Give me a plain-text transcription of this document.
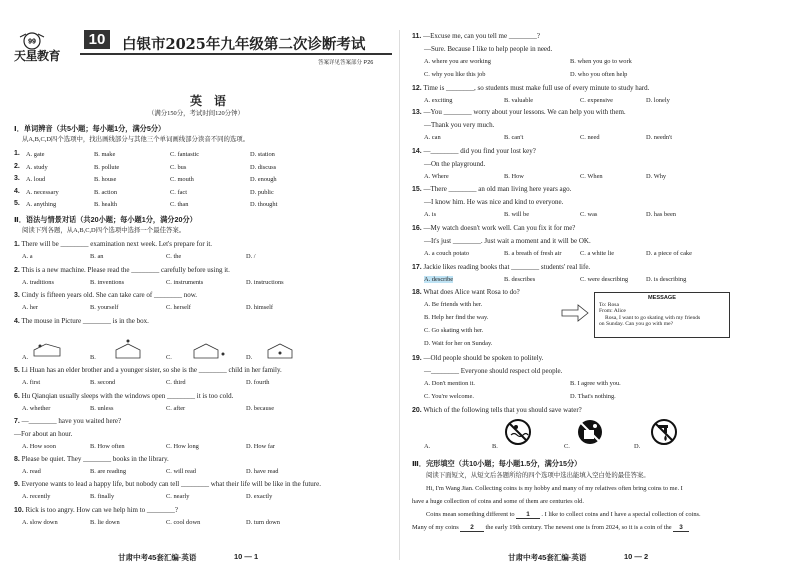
99
天星教育
10	白银市2025年九年级第二次诊断考试
答案详见答案部分 P26
英　语
（满分150分，考试时间120分钟）
Ⅰ．单词辨音（共5小题；每小题1分，满分5分）
从A,B,C,D四个选项中，找出画线部分与其他三个单词画线部分读音不同的选项。
1. A. gate	B. make	C. fantastic	D. station
2. A. study	B. pollute	C. bus	D. discuss
3. A. loud	B. house	C. mouth	D. enough
4. A. necessary	B. action	C. fact	D. public
5. A. anything	B. health	C. than	D. thought
Ⅱ．语法与情景对话（共20小题；每小题1分，满分20分）
阅读下列各题，从A,B,C,D四个选项中选择一个最佳答案。
1. There will be ________ examination next week. Let's prepare for it.
A. a	B. an	C. the	D. /
2. This is a new machine. Please read the ________ carefully before using it.
A. traditions	B. inventions	C. instruments	D. instructions
3. Cindy is fifteen years old. She can take care of ________ now.
A. her	B. yourself	C. herself	D. himself
4. The mouse in Picture ________ is in the box.
A.	B.	C.	D.
5. Li Huan has an elder brother and a younger sister, so she is the ________ child in her family.
A. first	B. second	C. third	D. fourth
6. Hu Qianqian usually sleeps with the windows open ________ it is too cold.
A. whether	B. unless	C. after	D. because
7. —________ have you waited here?
—For about an hour.
A. How soon	B. How often	C. How long	D. How far
8. Please be quiet. They ________ books in the library.
A. read	B. are reading	C. will read	D. have read
9. Everyone wants to lead a happy life, but nobody can tell ________ what their life will be like in the future.
A. recently	B. finally	C. nearly	D. exactly
10. Rick is too angry. How can we help him to ________?
A. slow down	B. lie down	C. cool down	D. turn down
甘肃中考45套汇编·英语	10 — 1
11. —Excuse me, can you tell me ________?
—Sure. Because I like to help people in need.
A. where you are working	B. when you go to work
C. why you like this job	D. who you often help
12. Time is ________, so students must make full use of every minute to study hard.
A. exciting	B. valuable	C. expensive	D. lonely
13. —You ________ worry about your lessons. We can help you with them.
—Thank you very much.
A. can	B. can't	C. need	D. needn't
14. —________ did you find your lost key?
—On the playground.
A. Where	B. How	C. When	D. Why
15. —There ________ an old man living here years ago.
—I know him. He was nice and kind to everyone.
A. is	B. will be	C. was	D. has been
16. —My watch doesn't work well. Can you fix it for me?
—It's just ________. Just wait a moment and it will be OK.
A. a couch potato	B. a breath of fresh air	C. a white lie	D. a piece of cake
17. Jackie likes reading books that ________ students' real life.
A. describe	B. describes	C. were describing	D. is describing
18. What does Alice want Rosa to do?
A. Be friends with her.
B. Help her find the way.
C. Go skating with her.
D. Wait for her on Sunday.
MESSAGE
To: Rosa
From: Alice
Rosa, I want to go skating with my friends
on Sunday. Can you go with me?
19. —Old people should be spoken to politely.
—________ Everyone should respect old people.
A. Don't mention it.	B. I agree with you.
C. You're welcome.	D. That's nothing.
20. Which of the following tells that you should save water?
A.	B.	C.	D.
Ⅲ．完形填空（共10小题；每小题1.5分，满分15分）
阅读下面短文，从短文后各题所给的四个选项中选出能填入空白处的最佳答案。
Hi, I'm Wang Jian. Collecting coins is my hobby and many of my relatives often bring coins to me. I
have a huge collection of coins and some of them are centuries old.
Coins mean something different to 1 . I like to collect coins and I have a special collection of coins.
Many of my coins 2 the early 19th century. The newest one is from 2024, so it is a coin of the 3
甘肃中考45套汇编·英语	10 — 2
